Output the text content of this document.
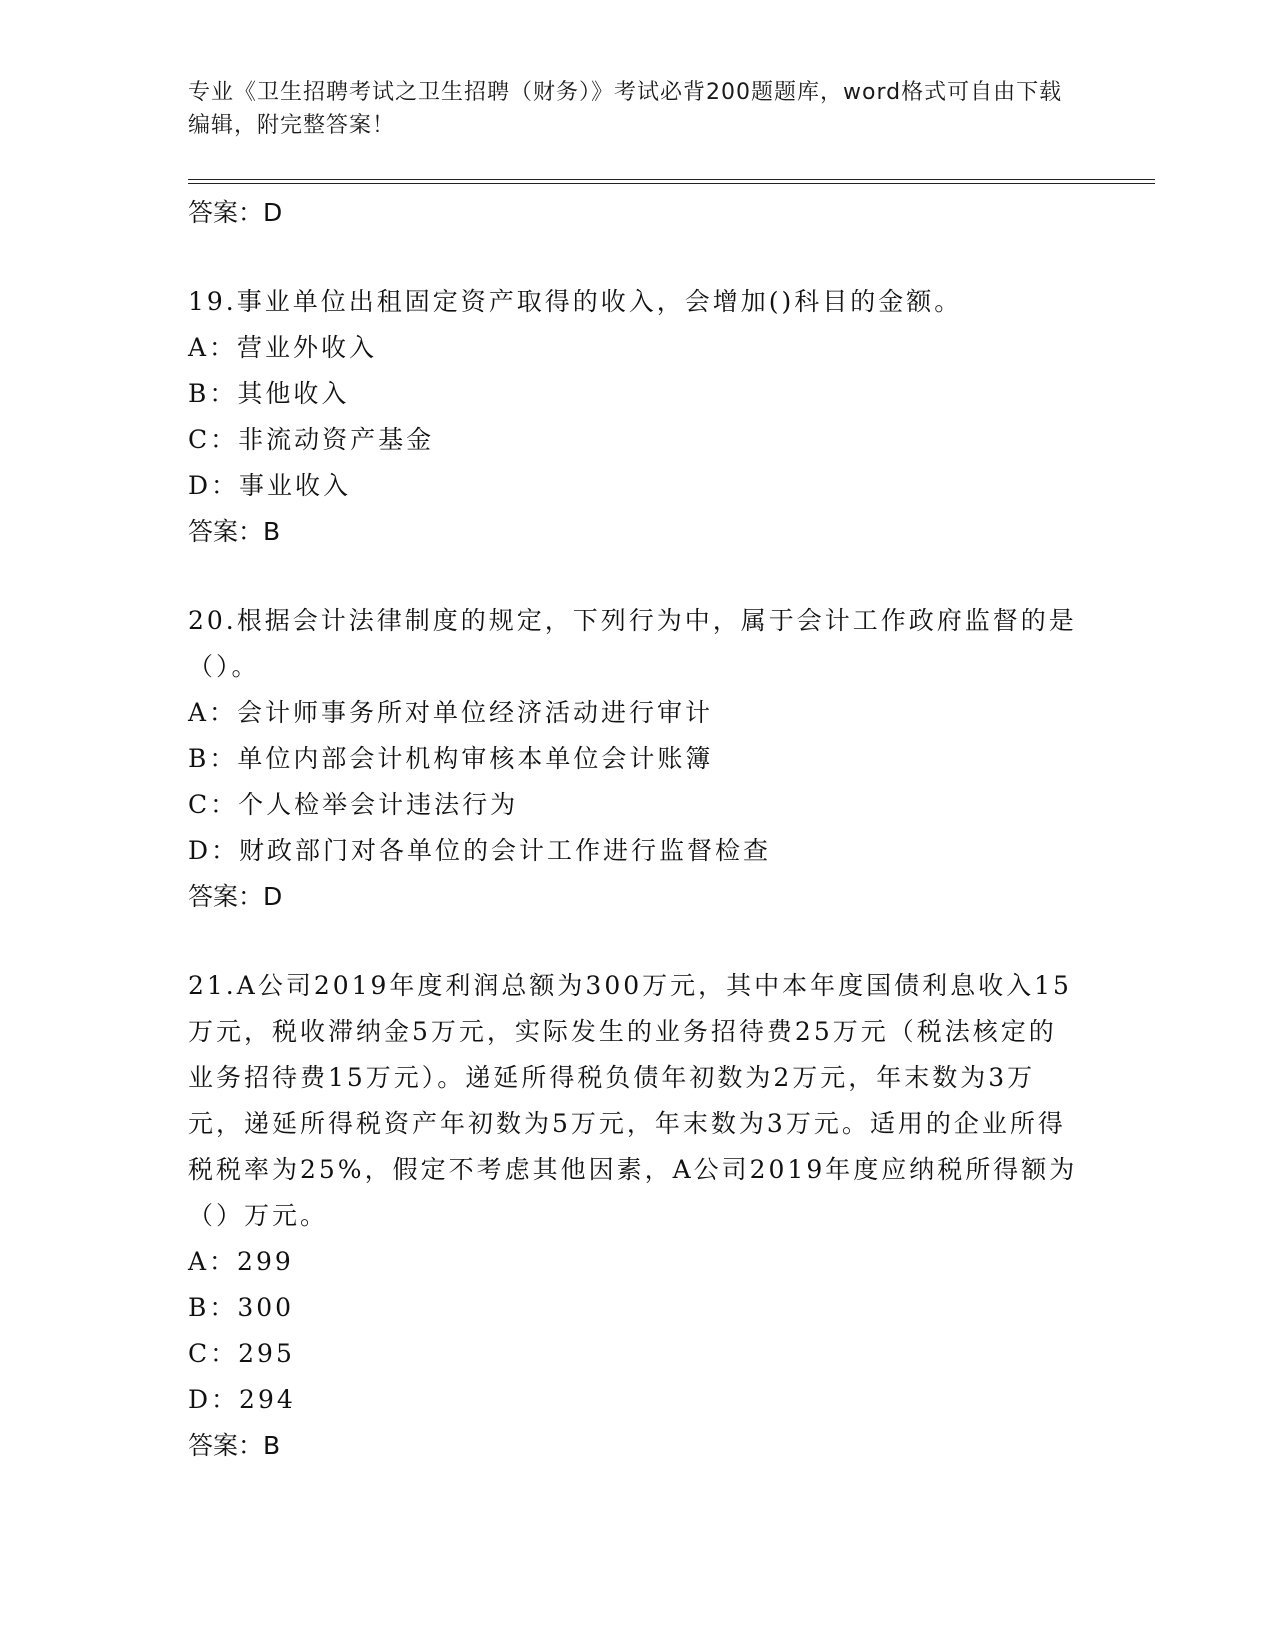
专业《卫生招聘考试之卫生招聘（财务）》考试必背200题题库，word格式可自由下载编辑，附完整答案！
答案：D
19.事业单位出租固定资产取得的收入，会增加()科目的金额。
A：营业外收入
B：其他收入
C：非流动资产基金
D：事业收入
答案：B
20.根据会计法律制度的规定，下列行为中，属于会计工作政府监督的是（）。
A：会计师事务所对单位经济活动进行审计
B：单位内部会计机构审核本单位会计账簿
C：个人检举会计违法行为
D：财政部门对各单位的会计工作进行监督检查
答案：D
21.A公司2019年度利润总额为300万元，其中本年度国债利息收入15万元，税收滞纳金5万元，实际发生的业务招待费25万元（税法核定的业务招待费15万元）。递延所得税负债年初数为2万元，年末数为3万元，递延所得税资产年初数为5万元，年末数为3万元。适用的企业所得税税率为25%，假定不考虑其他因素，A公司2019年度应纳税所得额为（）万元。
A：299
B：300
C：295
D：294
答案：B
